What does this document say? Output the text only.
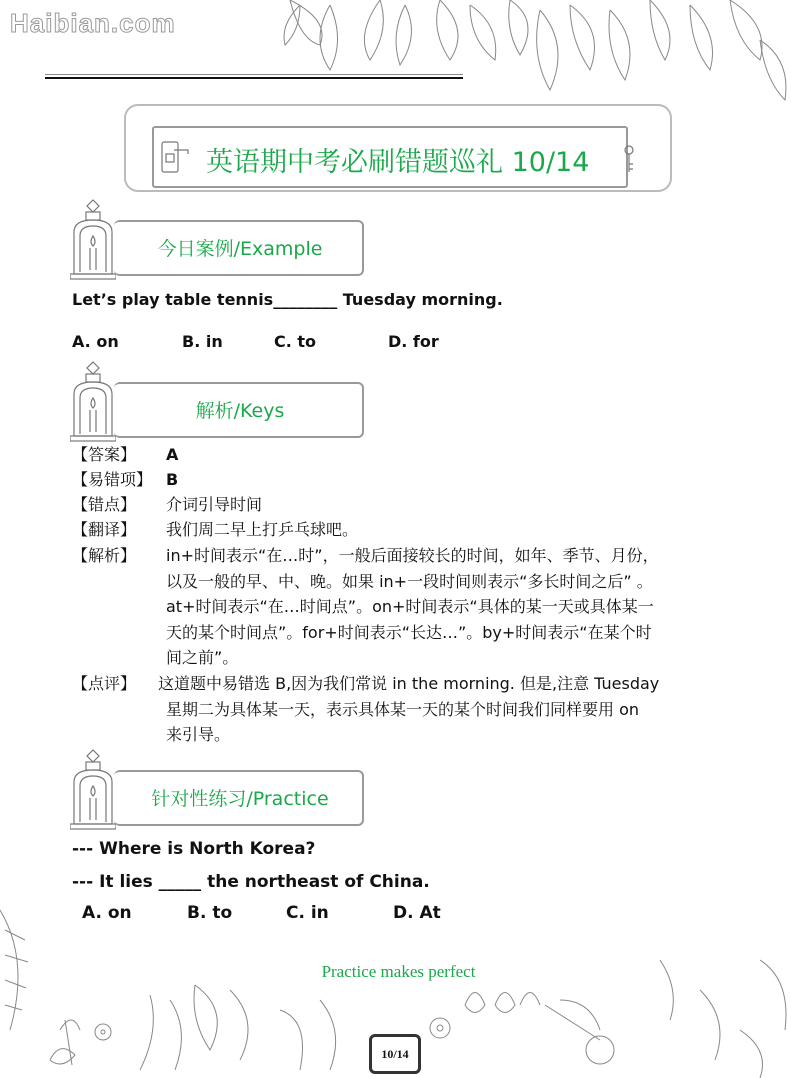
Haibian.com
英语期中考必刷错题巡礼 10/14
今日案例/Example
Let’s play table tennis________ Tuesday morning.
A. on	B. in	C. to	D. for
解析/Keys
【答案】 A
【易错项】 B
【错点】 介词引导时间
【翻译】 我们周二早上打乒乓球吧。
【解析】 in+时间表示“在…时”，一般后面接较长的时间，如年、季节、月份，
以及一般的早、中、晚。如果 in+一段时间则表示“多长时间之后” 。
at+时间表示“在…时间点”。on+时间表示“具体的某一天或具体某一
天的某个时间点”。for+时间表示“长达…”。by+时间表示“在某个时
间之前”。
【点评】 这道题中易错选 B,因为我们常说 in the morning. 但是,注意 Tuesday
星期二为具体某一天，表示具体某一天的某个时间我们同样要用 on
来引导。
针对性练习/Practice
--- Where is North Korea?
--- It lies _____ the northeast of China.
A. on	B. to	C. in	D. At
Practice makes perfect
10/14
